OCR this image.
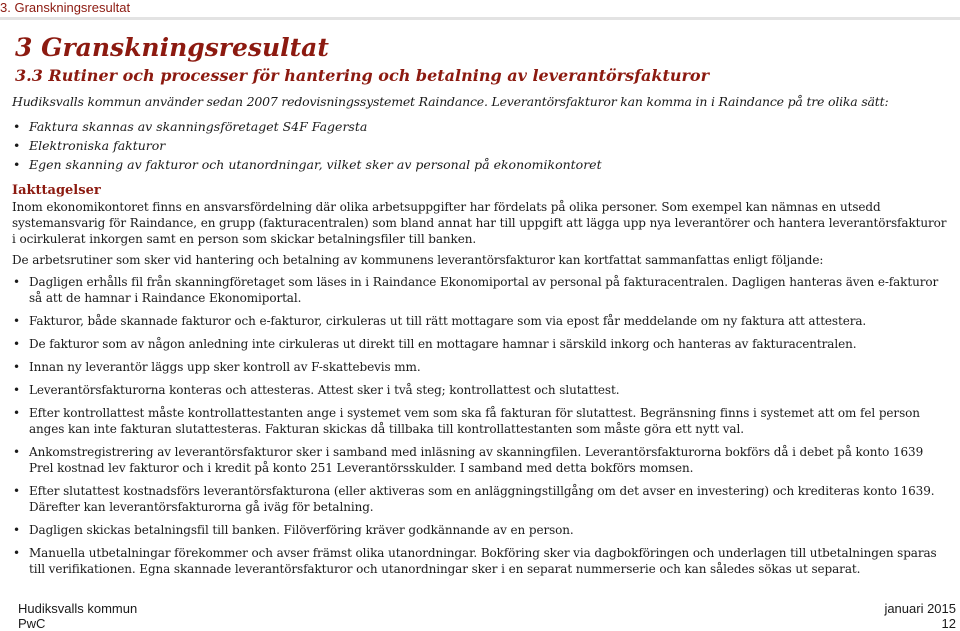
3. Granskningsresultat
3 Granskningsresultat
3.3 Rutiner och processer för hantering och betalning av leverantörsfakturor

Hudiksvalls kommun använder sedan 2007 redovisningssystemet Raindance. Leverantörsfakturor kan komma in i Raindance på tre olika sätt:

• Faktura skannas av skanningsföretaget S4F Fagersta
• Elektroniska fakturor
• Egen skanning av fakturor och utanordningar, vilket sker av personal på ekonomikontoret
Iakttagelser

Inom ekonomikontoret finns en ansvarsfördelning där olika arbetsuppgifter har fördelats på olika personer. Som exempel kan nämnas en utsedd systemansvarig för Raindance, en grupp (fakturacentralen) som bland annat har till uppgift att lägga upp nya leverantörer och hantera leverantörsfakturor i ocirkulerat inkorgen samt en person som skickar betalningsfiler till banken.

De arbetsrutiner som sker vid hantering och betalning av kommunens leverantörsfakturor kan kortfattat sammanfattas enligt följande:

• Dagligen erhålls fil från skanningföretaget som läses in i Raindance Ekonomiportal av personal på fakturacentralen. Dagligen hanteras även e-fakturor så att de hamnar i Raindance Ekonomiportal.
• Fakturor, både skannade fakturor och e-fakturor, cirkuleras ut till rätt mottagare som via epost får meddelande om ny faktura att attestera.
• De fakturor som av någon anledning inte cirkuleras ut direkt till en mottagare hamnar i särskild inkorg och hanteras av fakturacentralen.
• Innan ny leverantör läggs upp sker kontroll av F-skattebevis mm.
• Leverantörsfakturorna konteras och attesteras. Attest sker i två steg; kontrollattest och slutattest.
• Efter kontrollattest måste kontrollattestanten ange i systemet vem som ska få fakturan för slutattest. Begränsning finns i systemet att om fel person anges kan inte fakturan slutattesteras. Fakturan skickas då tillbaka till kontrollattestanten som måste göra ett nytt val.
• Ankomstregistrering av leverantörsfakturor sker i samband med inläsning av skanningfilen. Leverantörsfakturorna bokförs då i debet på konto 1639 Prel kostnad lev fakturor och i kredit på konto 251 Leverantörsskulder. I samband med detta bokförs momsen.
• Efter slutattest kostnadsförs leverantörsfakturona (eller aktiveras som en anläggningstillgång om det avser en investering) och krediteras konto 1639. Därefter kan leverantörsfakturorna gå iväg för betalning.
• Dagligen skickas betalningsfil till banken. Filöverföring kräver godkännande av en person.
• Manuella utbetalningar förekommer och avser främst olika utanordningar. Bokföring sker via dagbokföringen och underlagen till utbetalningen sparas till verifikationen. Egna skannade leverantörsfakturor och utanordningar sker i en separat nummerserie och kan således sökas ut separat.
Hudiksvalls kommun
PwC
januari 2015
12
